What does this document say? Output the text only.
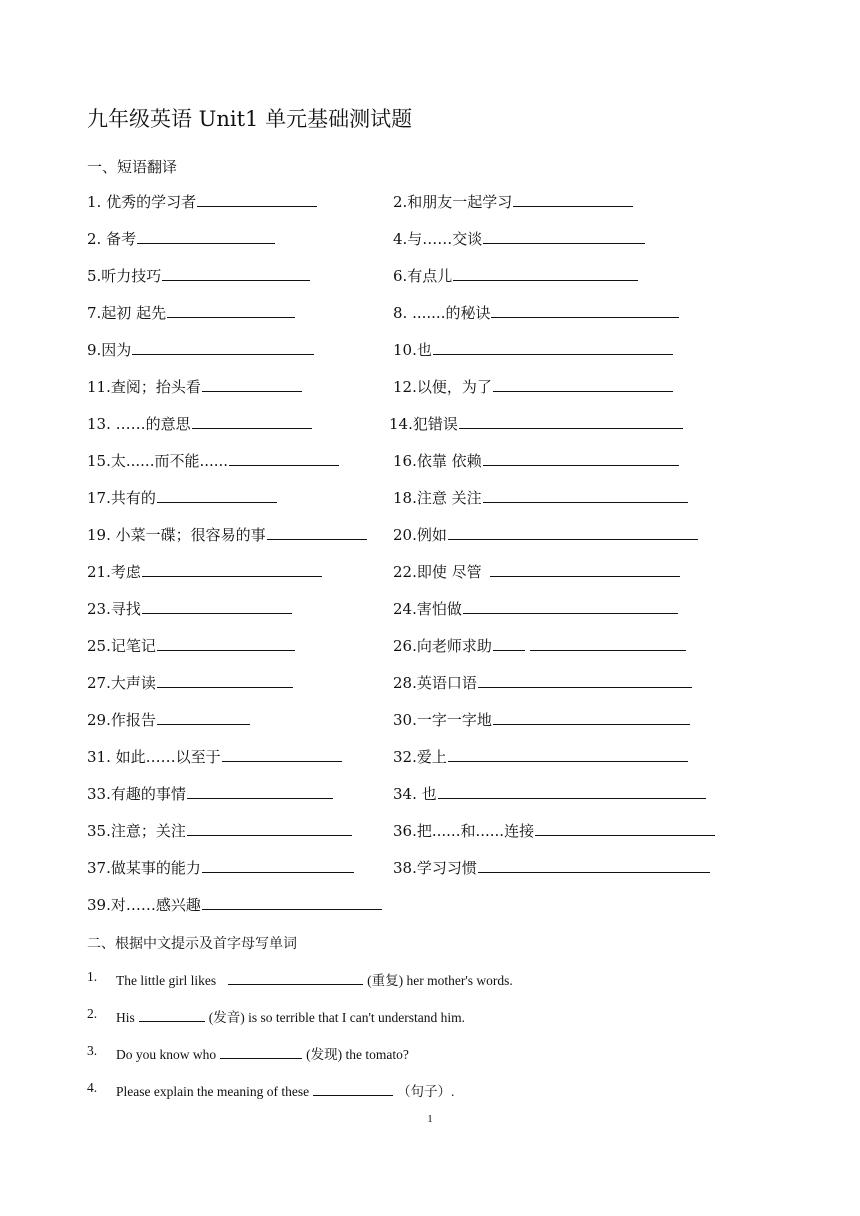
九年级英语 Unit1 单元基础测试题
一、短语翻译
1. 优秀的学习者	2.和朋友一起学习
2. 备考	4.与……交谈
5.听力技巧	6.有点儿
7.起初 起先	8. .......的秘诀
9.因为	10.也
11.查阅；抬头看	12.以便，为了
13. ……的意思	14.犯错误
15.太......而不能......	16.依靠 依赖
17.共有的	18.注意 关注
19. 小菜一碟；很容易的事	20.例如
21.考虑	22.即使 尽管
23.寻找	24.害怕做
25.记笔记	26.向老师求助
27.大声读	28.英语口语
29.作报告	30.一字一字地
31. 如此……以至于	32.爱上
33.有趣的事情	34. 也
35.注意；关注	36.把......和......连接
37.做某事的能力	38.学习习惯
39.对……感兴趣
二、根据中文提示及首字母写单词
1. The little girl likes	(重复) her mother's words.
2. His	(发音) is so terrible that I can't understand him.
3. Do you know who	(发现) the tomato?
4. Please explain the meaning of these	（句子）.
1
